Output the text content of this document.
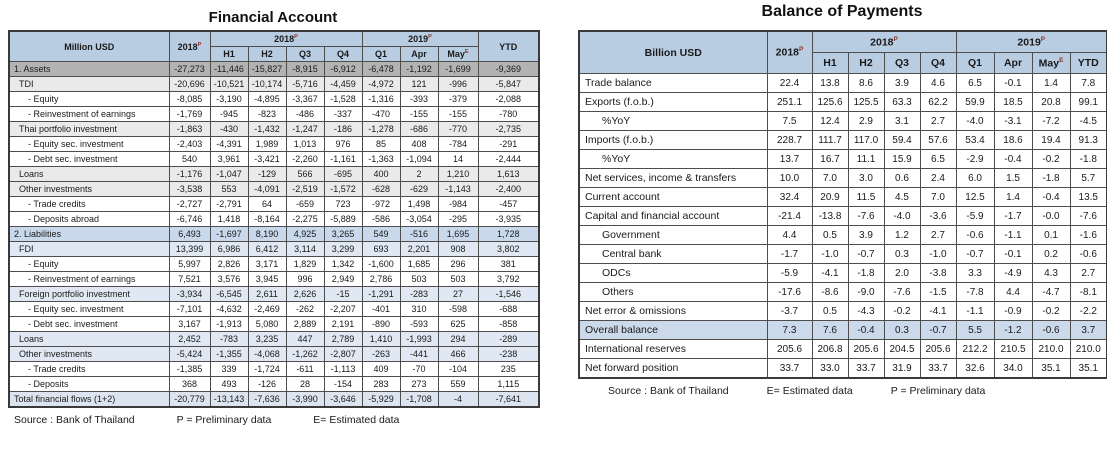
Financial Account
Million USD	$2018^P$	$2018^P$				$2019^P$			YTD
		H1	H2	Q3	Q4	Q1	Apr	May$^E$
1. Assets	-27,273	-11,446	-15,827	-8,915	-6,912	-6,478	-1,192	-1,699	-9,369
TDI	-20,696	-10,521	-10,174	-5,716	-4,459	-4,972	121	-996	-5,847
- Equity	-8,085	-3,190	-4,895	-3,367	-1,528	-1,316	-393	-379	-2,088
- Reinvestment of earnings	-1,769	-945	-823	-486	-337	-470	-155	-155	-780
Thai portfolio investment	-1,863	-430	-1,432	-1,247	-186	-1,278	-686	-770	-2,735
- Equity sec. investment	-2,403	-4,391	1,989	1,013	976	85	408	-784	-291
- Debt sec. investment	540	3,961	-3,421	-2,260	-1,161	-1,363	-1,094	14	-2,444
Loans	-1,176	-1,047	-129	566	-695	400	2	1,210	1,613
Other investments	-3,538	553	-4,091	-2,519	-1,572	-628	-629	-1,143	-2,400
- Trade credits	-2,727	-2,791	64	-659	723	-972	1,498	-984	-457
- Deposits abroad	-6,746	1,418	-8,164	-2,275	-5,889	-586	-3,054	-295	-3,935
2. Liabilities	6,493	-1,697	8,190	4,925	3,265	549	-516	1,695	1,728
FDI	13,399	6,986	6,412	3,114	3,299	693	2,201	908	3,802
- Equity	5,997	2,826	3,171	1,829	1,342	-1,600	1,685	296	381
- Reinvestment of earnings	7,521	3,576	3,945	996	2,949	2,786	503	503	3,792
Foreign portfolio investment	-3,934	-6,545	2,611	2,626	-15	-1,291	-283	27	-1,546
- Equity sec. investment	-7,101	-4,632	-2,469	-262	-2,207	-401	310	-598	-688
- Debt sec. investment	3,167	-1,913	5,080	2,889	2,191	-890	-593	625	-858
Loans	2,452	-783	3,235	447	2,789	1,410	-1,993	294	-289
Other investments	-5,424	-1,355	-4,068	-1,262	-2,807	-263	-441	466	-238
- Trade credits	-1,385	339	-1,724	-611	-1,113	409	-70	-104	235
- Deposits	368	493	-126	28	-154	283	273	559	1,115
Total financial flows (1+2)	-20,779	-13,143	-7,636	-3,990	-3,646	-5,929	-1,708	-4	-7,641
Source : Bank of Thailand	P = Preliminary data	E= Estimated data
Balance of Payments
Billion USD	$2018^P$	$2018^P$				$2019^P$
		H1	H2	Q3	Q4	Q1	Apr	May$^E$	YTD
Trade balance	22.4	13.8	8.6	3.9	4.6	6.5	-0.1	1.4	7.8
Exports (f.o.b.)	251.1	125.6	125.5	63.3	62.2	59.9	18.5	20.8	99.1
%YoY	7.5	12.4	2.9	3.1	2.7	-4.0	-3.1	-7.2	-4.5
Imports (f.o.b.)	228.7	111.7	117.0	59.4	57.6	53.4	18.6	19.4	91.3
%YoY	13.7	16.7	11.1	15.9	6.5	-2.9	-0.4	-0.2	-1.8
Net services, income & transfers	10.0	7.0	3.0	0.6	2.4	6.0	1.5	-1.8	5.7
Current account	32.4	20.9	11.5	4.5	7.0	12.5	1.4	-0.4	13.5
Capital and financial account	-21.4	-13.8	-7.6	-4.0	-3.6	-5.9	-1.7	-0.0	-7.6
Government	4.4	0.5	3.9	1.2	2.7	-0.6	-1.1	0.1	-1.6
Central bank	-1.7	-1.0	-0.7	0.3	-1.0	-0.7	-0.1	0.2	-0.6
ODCs	-5.9	-4.1	-1.8	2.0	-3.8	3.3	-4.9	4.3	2.7
Others	-17.6	-8.6	-9.0	-7.6	-1.5	-7.8	4.4	-4.7	-8.1
Net error & omissions	-3.7	0.5	-4.3	-0.2	-4.1	-1.1	-0.9	-0.2	-2.2
Overall balance	7.3	7.6	-0.4	0.3	-0.7	5.5	-1.2	-0.6	3.7
International reserves	205.6	206.8	205.6	204.5	205.6	212.2	210.5	210.0	210.0
Net forward position	33.7	33.0	33.7	31.9	33.7	32.6	34.0	35.1	35.1
Source : Bank of Thailand	E= Estimated data	P = Preliminary data
